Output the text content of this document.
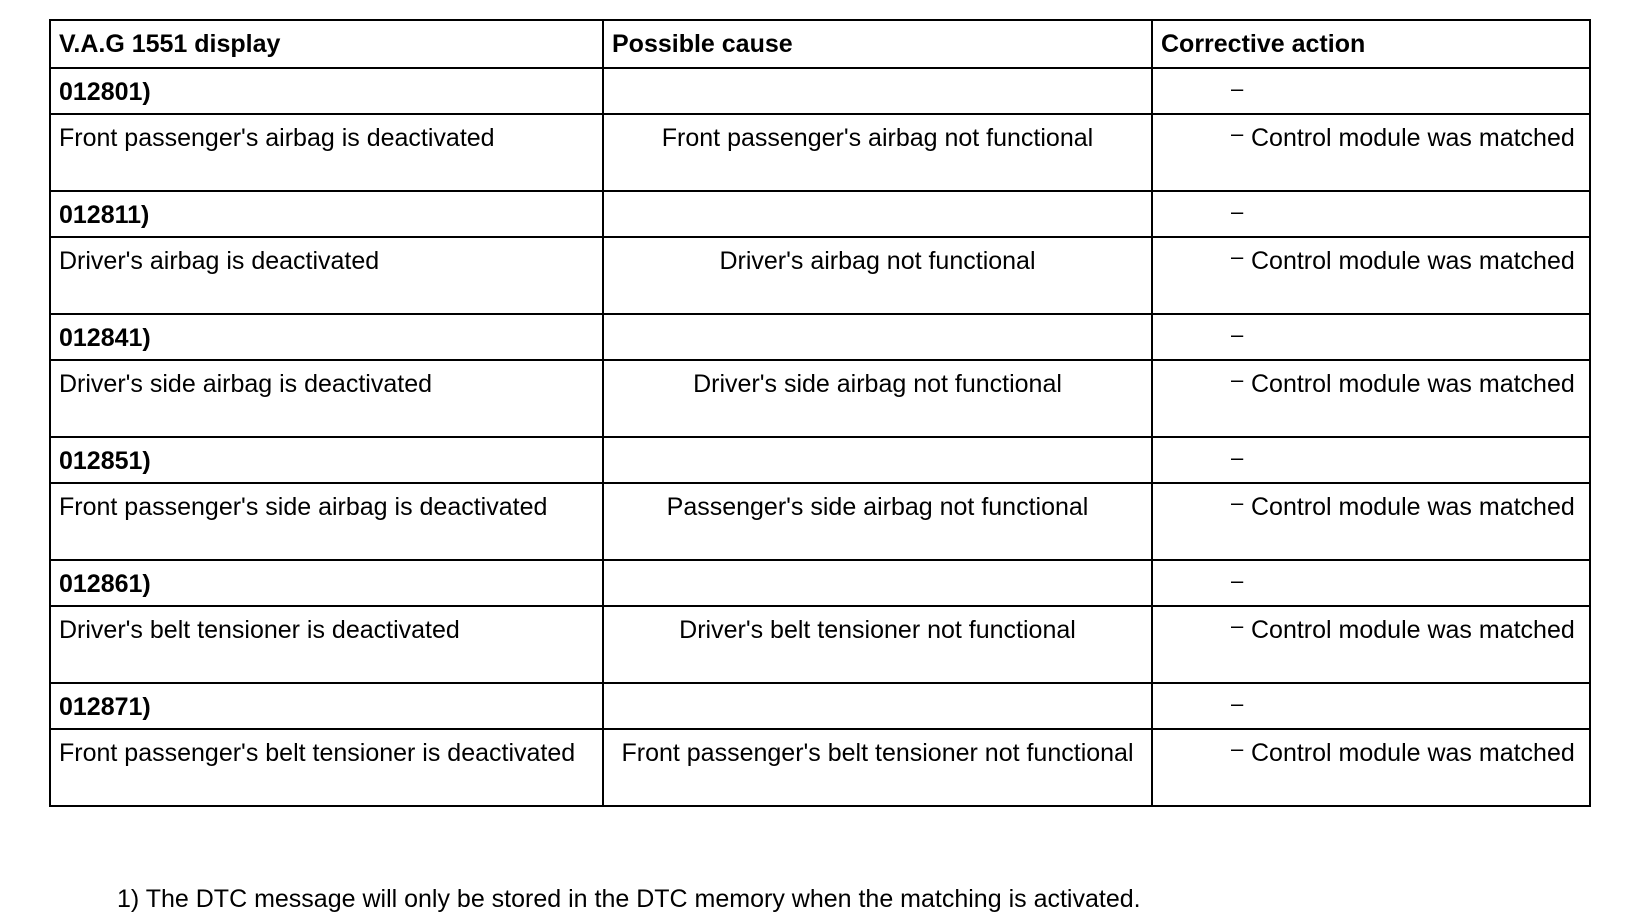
V.A.G 1551 display	Possible cause	Corrective action
012801)		–

Front passenger's airbag is deactivated	Front passenger's airbag not functional	– Control module was matched

012811)		–

Driver's airbag is deactivated	Driver's airbag not functional	– Control module was matched

012841)		–

Driver's side airbag is deactivated	Driver's side airbag not functional	– Control module was matched

012851)		–

Front passenger's side airbag is deactivated	Passenger's side airbag not functional	– Control module was matched

012861)		–

Driver's belt tensioner is deactivated	Driver's belt tensioner not functional	– Control module was matched

012871)		–

Front passenger's belt tensioner is deactivated	Front passenger's belt tensioner not functional	– Control module was matched
1) The DTC message will only be stored in the DTC memory when the matching is activated.
